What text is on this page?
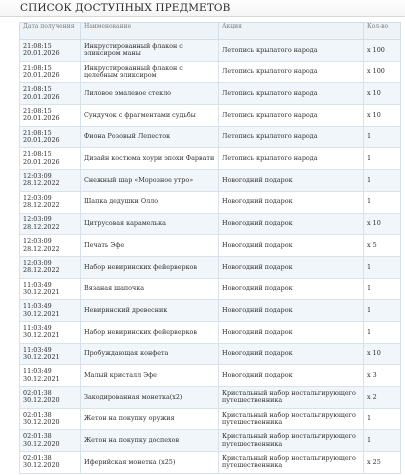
СПИСОК ДОСТУПНЫХ ПРЕДМЕТОВ
Дата получения	Наименование	Акция	Кол-во
21:08:15
20.01.2026	Инкрустированный флакон с эликсиром маны	Летопись крылатого народа	x 100
21:08:15
20.01.2026	Инкрустированный флакон с целебным эликсиром	Летопись крылатого народа	x 100
21:08:15
20.01.2026	Лиловое эмалевое стекло	Летопись крылатого народа	x 10
21:08:15
20.01.2026	Сундучок с фрагментами судьбы	Летопись крылатого народа	x 10
21:08:15
20.01.2026	Фиона Розовый Лепесток	Летопись крылатого народа	1
21:08:15
20.01.2026	Дизайн костюма хоури эпохи Фарвати	Летопись крылатого народа	1
12:03:09
28.12.2022	Снежный шар «Морозное утро»	Новогодний подарок	1
12:03:09
28.12.2022	Шапка дедушки Олло	Новогодний подарок	1
12:03:09
28.12.2022	Цитрусовая карамелька	Новогодний подарок	x 10
12:03:09
28.12.2022	Печать Эфе	Новогодний подарок	x 5
12:03:09
28.12.2022	Набор невиринских фейерверков	Новогодний подарок	1
11:03:49
30.12.2021	Вязаная шапочка	Новогодний подарок	1
11:03:49
30.12.2021	Невиринский древесник	Новогодний подарок	1
11:03:49
30.12.2021	Набор невиринских фейерверков	Новогодний подарок	1
11:03:49
30.12.2021	Пробуждающая конфета	Новогодний подарок	x 10
11:03:49
30.12.2021	Малый кристалл Эфе	Новогодний подарок	x 3
02:01:38
30.12.2020	Закодированная монетка(x2)	Кристальный набор ностальгирующего путешественника	x 2
02:01:38
30.12.2020	Жетон на покупку оружия	Кристальный набор ностальгирующего путешественника	1
02:01:38
30.12.2020	Жетон на покупку доспехов	Кристальный набор ностальгирующего путешественника	1
02:01:38
30.12.2020	Иферийская монетка (x25)	Кристальный набор ностальгирующего путешественника	x 25
